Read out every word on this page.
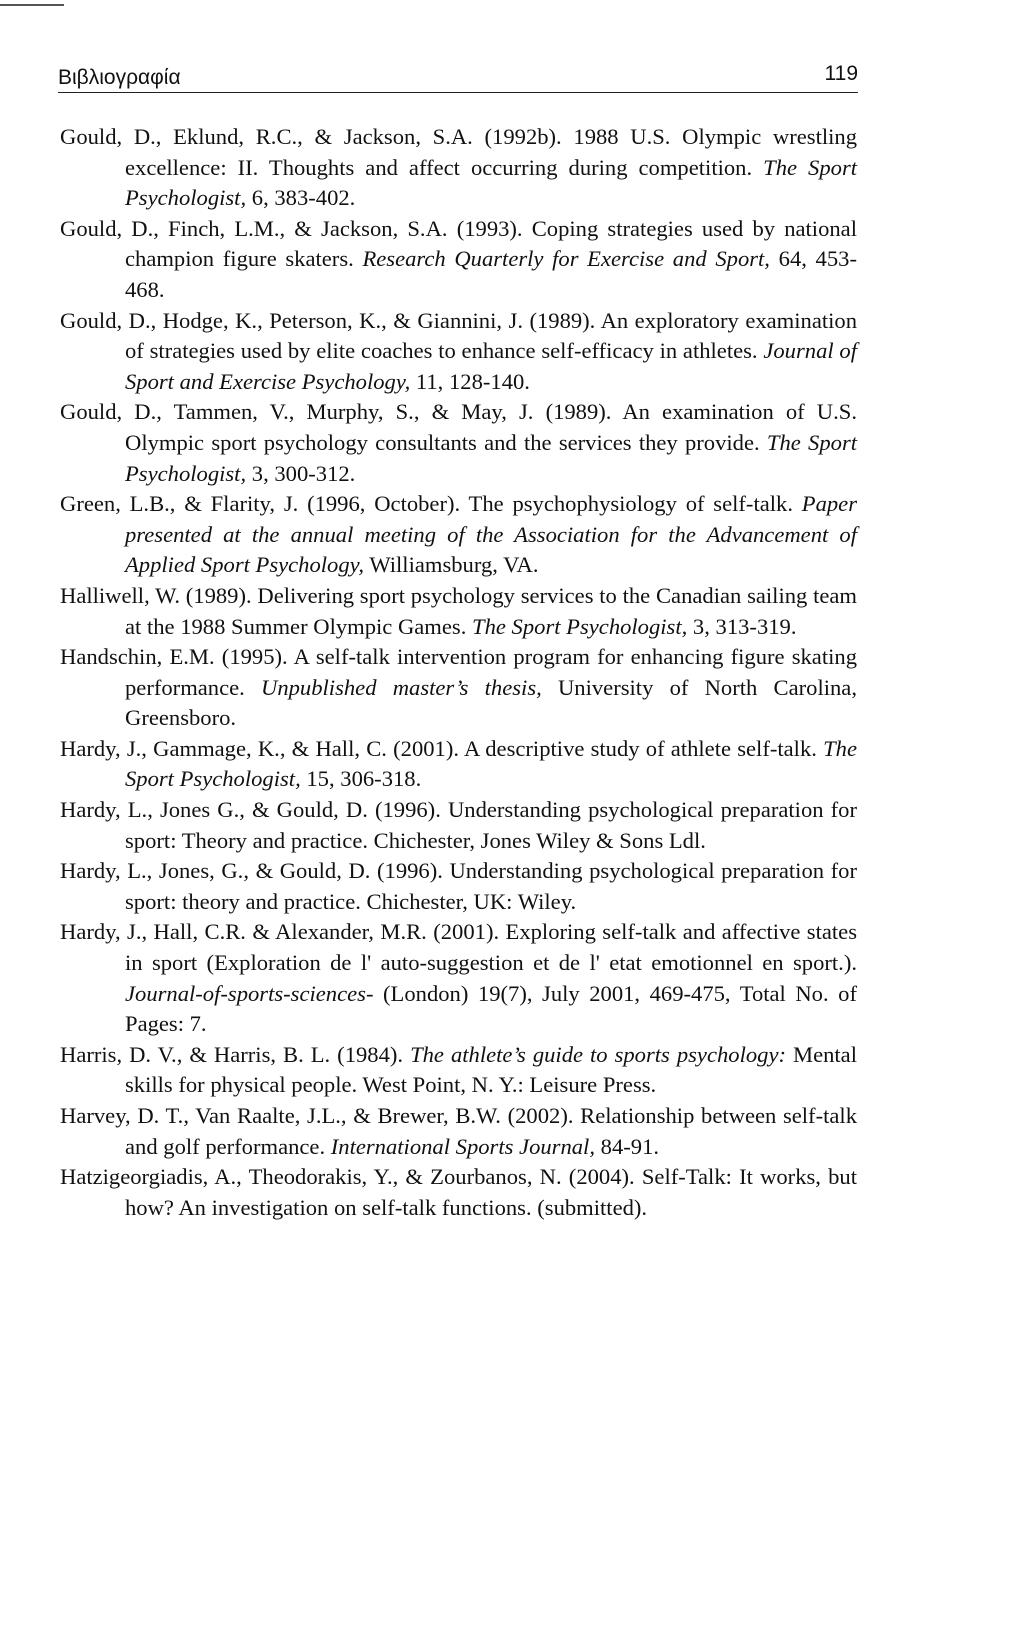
Βιβλιογραφία	119

Gould, D., Eklund, R.C., & Jackson, S.A. (1992b). 1988 U.S. Olympic wrestling excellence: II. Thoughts and affect occurring during competition. The Sport Psychologist, 6, 383-402.

Gould, D., Finch, L.M., & Jackson, S.A. (1993). Coping strategies used by national champion figure skaters. Research Quarterly for Exercise and Sport, 64, 453-468.

Gould, D., Hodge, K., Peterson, K., & Giannini, J. (1989). An exploratory examination of strategies used by elite coaches to enhance self-efficacy in athletes. Journal of Sport and Exercise Psychology, 11, 128-140.

Gould, D., Tammen, V., Murphy, S., & May, J. (1989). An examination of U.S. Olympic sport psychology consultants and the services they provide. The Sport Psychologist, 3, 300-312.

Green, L.B., & Flarity, J. (1996, October). The psychophysiology of self-talk. Paper presented at the annual meeting of the Association for the Advancement of Applied Sport Psychology, Williamsburg, VA.

Halliwell, W. (1989). Delivering sport psychology services to the Canadian sailing team at the 1988 Summer Olympic Games. The Sport Psychologist, 3, 313-319.

Handschin, E.M. (1995). A self-talk intervention program for enhancing figure skating performance. Unpublished master’s thesis, University of North Carolina, Greensboro.

Hardy, J., Gammage, K., & Hall, C. (2001). A descriptive study of athlete self-talk. The Sport Psychologist, 15, 306-318.

Hardy, L., Jones G., & Gould, D. (1996). Understanding psychological preparation for sport: Theory and practice. Chichester, Jones Wiley & Sons Ldl.

Hardy, L., Jones, G., & Gould, D. (1996). Understanding psychological preparation for sport: theory and practice. Chichester, UK: Wiley.

Hardy, J., Hall, C.R. & Alexander, M.R. (2001). Exploring self-talk and affective states in sport (Exploration de l' auto-suggestion et de l' etat emotionnel en sport.). Journal-of-sports-sciences- (London) 19(7), July 2001, 469-475, Total No. of Pages: 7.

Harris, D. V., & Harris, B. L. (1984). The athlete’s guide to sports psychology: Mental skills for physical people. West Point, N. Y.: Leisure Press.

Harvey, D. T., Van Raalte, J.L., & Brewer, B.W. (2002). Relationship between self-talk and golf performance. International Sports Journal, 84-91.

Hatzigeorgiadis, A., Theodorakis, Y., & Zourbanos, N. (2004). Self-Talk: It works, but how? An investigation on self-talk functions. (submitted).
